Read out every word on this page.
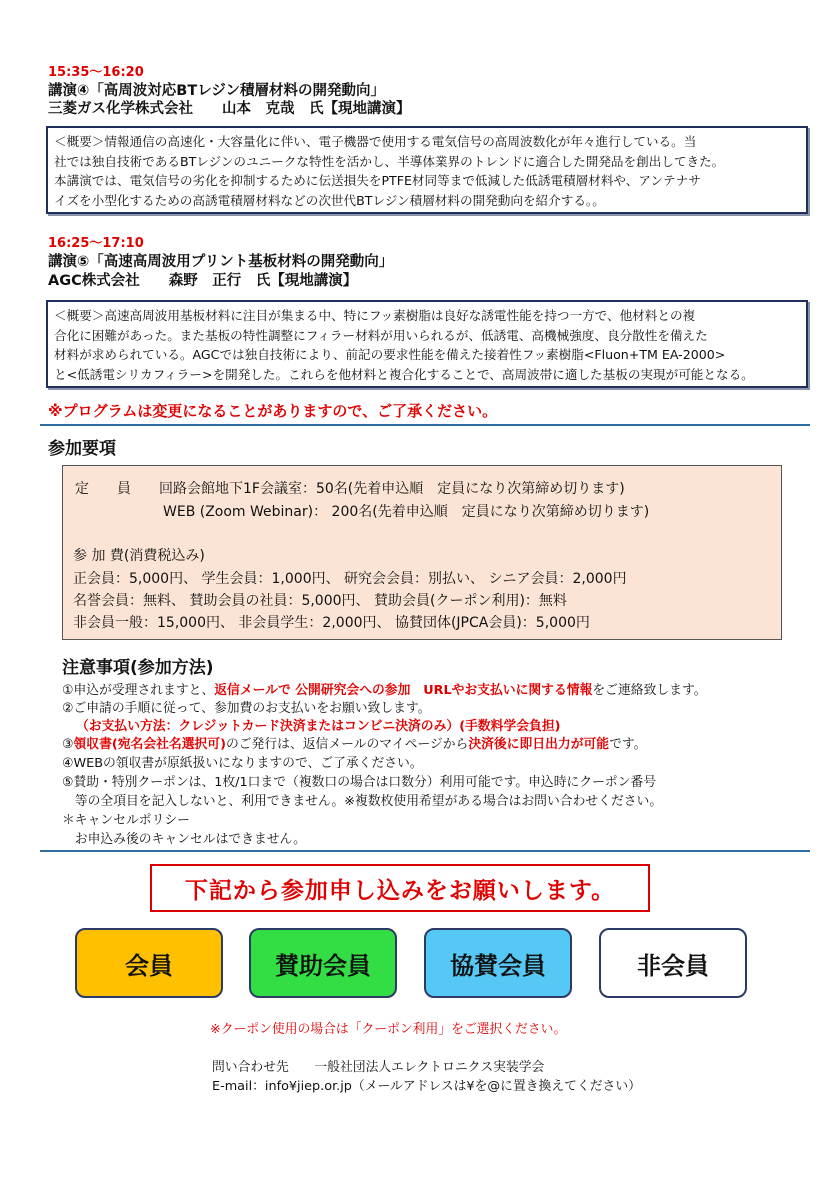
15:35～16:20
講演④「高周波対応BTレジン積層材料の開発動向」
三菱ガス化学株式会社　　山本　克哉　氏【現地講演】
＜概要＞情報通信の高速化・大容量化に伴い、電子機器で使用する電気信号の高周波数化が年々進行している。当
社では独自技術であるBTレジンのユニークな特性を活かし、半導体業界のトレンドに適合した開発品を創出してきた。
本講演では、電気信号の劣化を抑制するために伝送損失をPTFE材同等まで低減した低誘電積層材料や、アンテナサ
イズを小型化するための高誘電積層材料などの次世代BTレジン積層材料の開発動向を紹介する。。
16:25～17:10
講演⑤「高速高周波用プリント基板材料の開発動向」
AGC株式会社　　森野　正行　氏【現地講演】
＜概要＞高速高周波用基板材料に注目が集まる中、特にフッ素樹脂は良好な誘電性能を持つ一方で、他材料との複
合化に困難があった。また基板の特性調整にフィラー材料が用いられるが、低誘電、高機械強度、良分散性を備えた
材料が求められている。AGCでは独自技術により、前記の要求性能を備えた接着性フッ素樹脂<Fluon+TM EA-2000>
と<低誘電シリカフィラー>を開発した。これらを他材料と複合化することで、高周波帯に適した基板の実現が可能となる。
※プログラムは変更になることがありますので、ご了承ください。
参加要項
定　　員 回路会館地下1F会議室：50名(先着申込順　定員になり次第締め切ります)
WEB (Zoom Webinar)： 200名(先着申込順　定員になり次第締め切ります)
参 加 費(消費税込み)
正会員：5,000円、 学生会員：1,000円、 研究会会員：別払い、 シニア会員：2,000円
名誉会員：無料、 賛助会員の社員：5,000円、 賛助会員(クーポン利用)：無料
非会員一般：15,000円、 非会員学生：2,000円、 協賛団体(JPCA会員)：5,000円
注意事項(参加方法)
①申込が受理されますと、返信メールで 公開研究会への参加　URLやお支払いに関する情報をご連絡致します。
②ご申請の手順に従って、参加費のお支払いをお願い致します。
（お支払い方法：クレジットカード決済またはコンビニ決済のみ）(手数料学会負担)
③領収書(宛名会社名選択可)のご発行は、返信メールのマイページから決済後に即日出力が可能です。
④WEBの領収書が原紙扱いになりますので、ご了承ください。
⑤賛助・特別クーポンは、1枚/1口まで（複数口の場合は口数分）利用可能です。申込時にクーポン番号
　等の全項目を記入しないと、利用できません。※複数枚使用希望がある場合はお問い合わせください。
＊キャンセルポリシー
　お申込み後のキャンセルはできません。
下記から参加申し込みをお願いします。
会員	賛助会員	協賛会員	非会員
※クーポン使用の場合は「クーポン利用」をご選択ください。
問い合わせ先　　一般社団法人エレクトロニクス実装学会
E-mail：info¥jiep.or.jp（メールアドレスは¥を@に置き換えてください）
